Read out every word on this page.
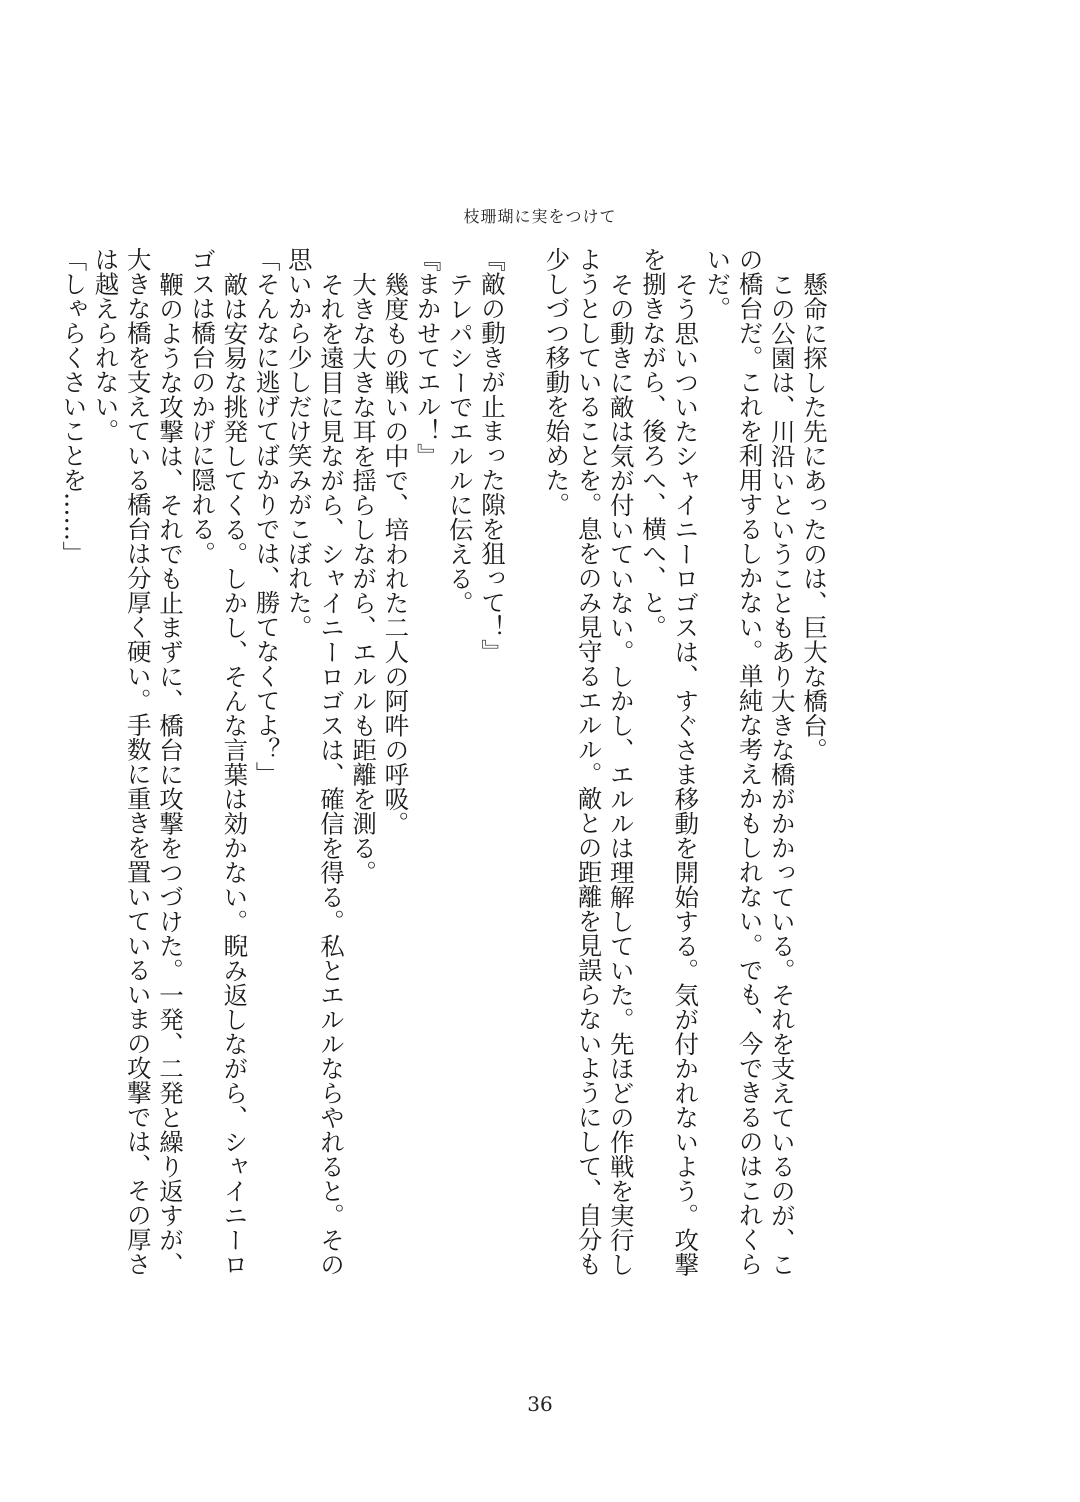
枝珊瑚に実をつけて

懸命に探した先にあったのは、巨大な橋台。

この公園は、川沿いということもあり大きな橋がかかっている。それを支えているのが、この橋台だ。これを利用するしかない。単純な考えかもしれない。でも、今できるのはこれくらいだ。

そう思いついたシャイニーロゴスは、すぐさま移動を開始する。気が付かれないよう。攻撃を捌きながら、後ろへ、横へ、と。

その動きに敵は気が付いていない。しかし、エルルは理解していた。先ほどの作戦を実行しようとしていることを。息をのみ見守るエルル。敵との距離を見誤らないようにして、自分も少しづつ移動を始めた。

『敵の動きが止まった隙を狙って！』

テレパシーでエルルに伝える。

『まかせてエル！』

幾度もの戦いの中で、培われた二人の阿吽の呼吸。

大きな大きな耳を揺らしながら、エルルも距離を測る。

それを遠目に見ながら、シャイニーロゴスは、確信を得る。私とエルルならやれると。その思いから少しだけ笑みがこぼれた。

「そんなに逃げてばかりでは、勝てなくてよ？」

敵は安易な挑発してくる。しかし、そんな言葉は効かない。睨み返しながら、シャイニーロゴスは橋台のかげに隠れる。

鞭のような攻撃は、それでも止まずに、橋台に攻撃をつづけた。一発、二発と繰り返すが、大きな橋を支えている橋台は分厚く硬い。手数に重きを置いているいまの攻撃では、その厚さは越えられない。

「しゃらくさいことを……」

36
